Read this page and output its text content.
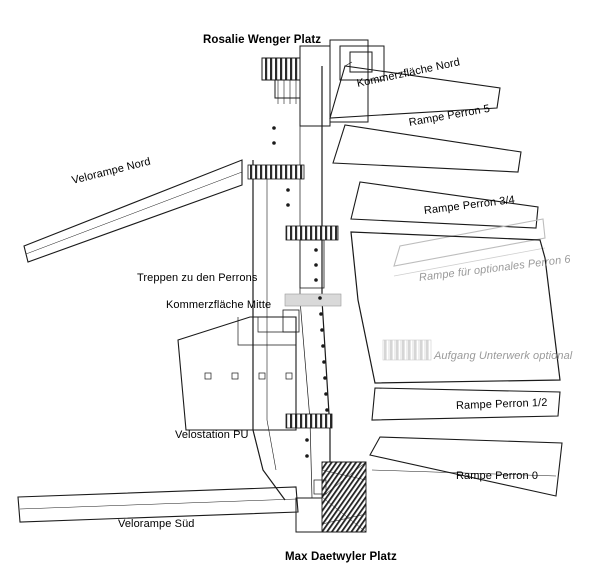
Rosalie Wenger Platz
Kommerzfläche Nord
Rampe Perron 5
Rampe Perron 3/4
Velorampe Nord
Rampe für optionales Perron 6
Treppen zu den Perrons
Kommerzfläche Mitte
Aufgang Unterwerk optional
Rampe Perron 1/2
Velostation PU
Rampe Perron 0
Velorampe Süd
Max Daetwyler Platz
